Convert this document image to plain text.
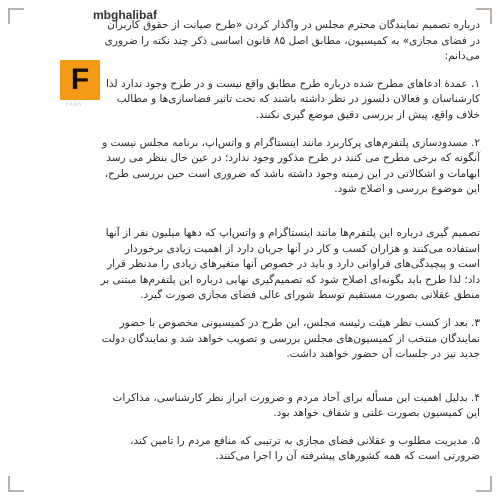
mbghalibaf
F
FARS

درباره تصمیم نمایندگان محترم مجلس در واگذار کردن «طرح صیانت از حقوق کاربران در فضای مجازی» به کمیسیون، مطابق اصل ۸۵ قانون اساسی ذکر چند نکته را ضروری می‌دانم:

۱. عمدهٔ ادعاهای مطرح شده درباره طرح مطابق واقع نیست و در طرح وجود ندارد لذا کارشناسان و فعالان دلسوز در نظر داشته باشند که تحت تاثیر فضاسازی‌ها و مطالب خلاف واقع، پیش از بررسی دقیق موضع گیری نکنند.

۲. مسدودسازی پلتفرم‌های پرکاربرد مانند اینستاگرام و واتس‌اپ، برنامه مجلس نیست و آنگونه که برخی مطرح می کنند در طرح مذکور وجود ندارد؛ در عین حال بنظر می رسد ابهامات و اشکالاتی در این زمینه وجود داشته باشد که ضروری است حین بررسی طرح، این موضوع بررسی و اصلاح شود.

تصمیم گیری درباره این پلتفرم‌ها مانند اینستاگرام و واتس‌اپ که دهها میلیون نفر از آنها استفاده می‌کنند و هزاران کسب و کار در آنها جریان دارد از اهمیت زیادی برخوردار است و پیچیدگی‌های فراوانی دارد و باید در خصوص آنها متغیرهای زیادی را مدنظر قرار داد؛ لذا طرح باید بگونه‌ای اصلاح شود که تصمیم‌گیری نهایی درباره این پلتفرم‌ها مبتنی بر منطق عقلانی بصورت مستقیم توسط شورای عالی فضای مجازی صورت گیرد.

۳. بعد از کسب نظر هیئت رئیسه مجلس، این طرح در کمیسیونی مخصوص با حضور نمایندگان منتخب از کمیسیون‌های مجلس بررسی و تصویب خواهد شد و نمایندگان دولت جدید نیز در جلسات آن حضور خواهند داشت.

۴. بدلیل اهمیت این مسأله برای آحاد مردم و ضرورت ابراز نظر کارشناسی، مذاکرات این کمیسیون بصورت علنی و شفاف خواهد بود.

۵. مدیریت مطلوب و عقلانی فضای مجازی به ترتیبی که منافع مردم را تامین کند، ضرورتی است که همه کشورهای پیشرفته آن را اجرا می‌کنند.
